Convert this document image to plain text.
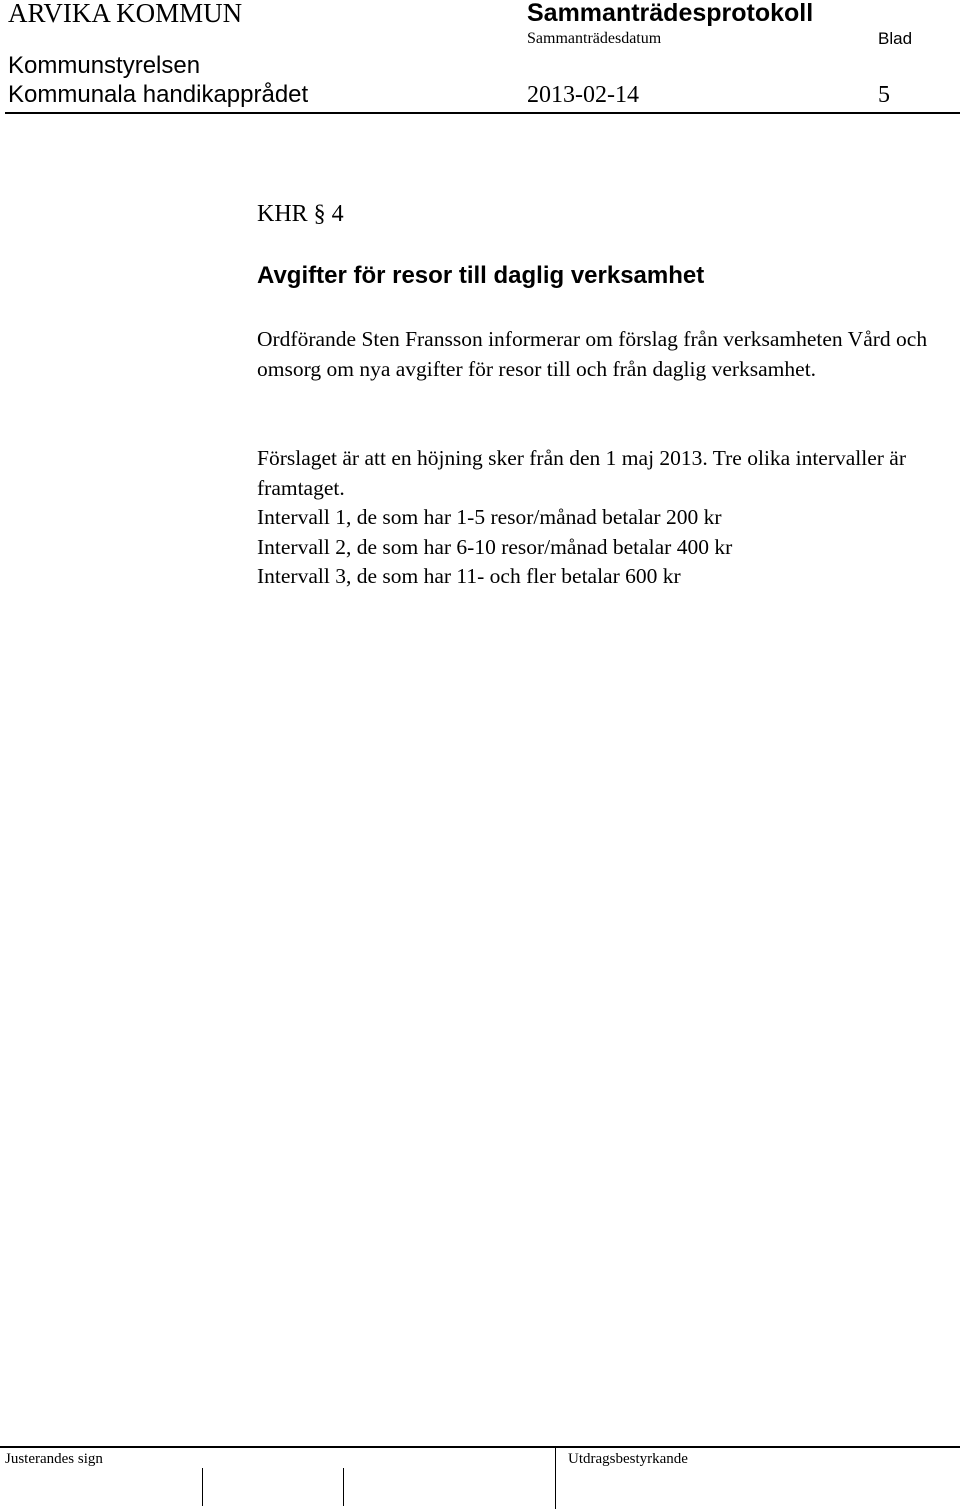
ARVIKA KOMMUN	Sammanträdesprotokoll
Sammanträdesdatum	Blad
Kommunstyrelsen
Kommunala handikapprådet	2013-02-14	5
KHR § 4
Avgifter för resor till daglig verksamhet

Ordförande Sten Fransson informerar om förslag från verksamheten Vård och omsorg om nya avgifter för resor till och från daglig verksamhet.

Förslaget är att en höjning sker från den 1 maj 2013. Tre olika intervaller är framtaget.

Intervall 1, de som har 1-5 resor/månad betalar 200 kr

Intervall 2, de som har 6-10 resor/månad betalar 400 kr

Intervall 3, de som har 11- och fler betalar 600 kr

Justerandes sign	Utdragsbestyrkande
